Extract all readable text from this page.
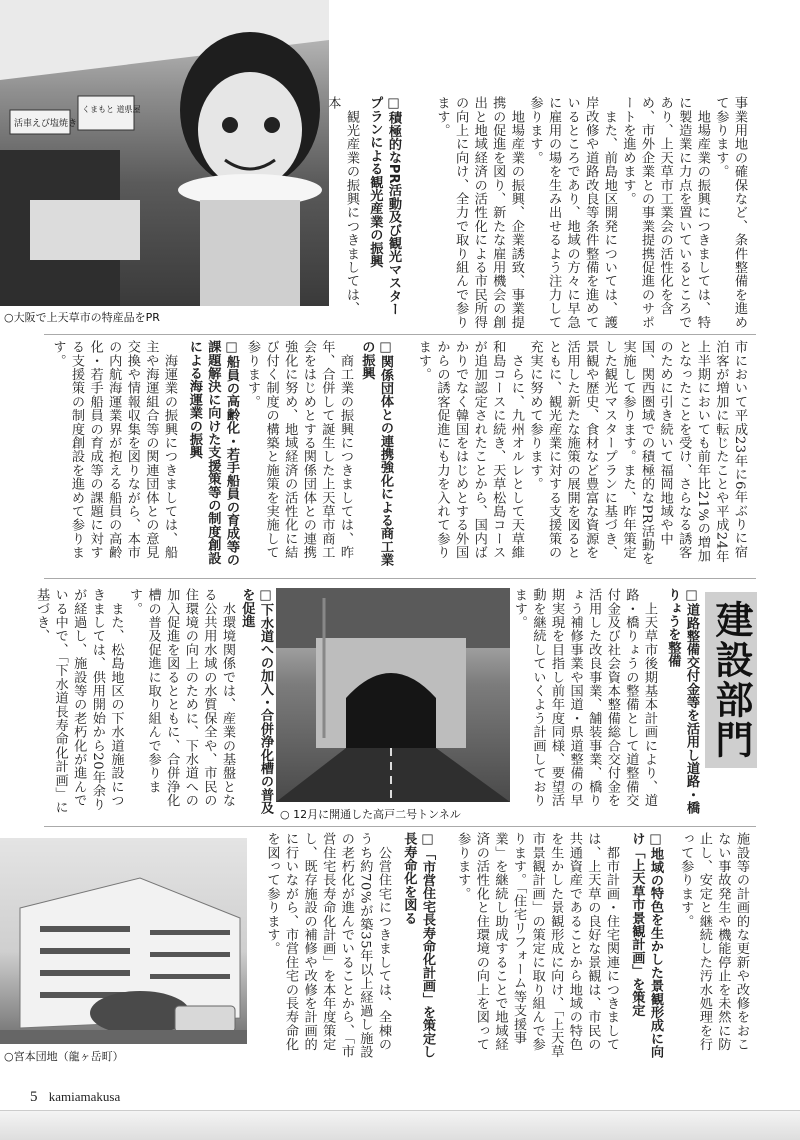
活車えび塩焼き
くまもと 道県屋
○大阪で上天草市の特産品をPR	事業用地の確保など、条件整備を進めて参ります。
　地場産業の振興につきましては、特に製造業に力点を置いているところであり、上天草市工業会の活性化を含め、市外企業との事業提携促進のサポートを進めます。
　また、前島地区開発については、護岸改修や道路改良等条件整備を進めているところであり、地域の方々に早急に雇用の場を生み出せるよう注力して参ります。
　地場産業の振興、企業誘致、事業提携の促進を図り、新たな雇用機会の創出と地域経済の活性化による市民所得の向上に向け、全力で取り組んで参ります。
□積極的なPR活動及び観光マスタープランによる観光産業の振興
　観光産業の振興につきましては、本
市において平成23年に6年ぶりに宿泊客が増加に転じたことや平成24年上半期においても前年比21%の増加となったことを受け、さらなる誘客のために引き続いて福岡地域や中国、関西圏域での積極的なPR活動を実施して参ります。また、昨年策定した観光マスタープランに基づき、景観や歴史、食材など豊富な資源を活用した新たな施策の展開を図るとともに、観光産業に対する支援策の充実に努めて参ります。
　さらに、九州オルレとして天草維和島コースに続き、天草松島コースが追加認定されたことから、国内ばかりでなく韓国をはじめとする外国からの誘客促進にも力を入れて参ります。
□関係団体との連携強化による商工業の振興
　商工業の振興につきましては、昨年、合併して誕生した上天草市商工会をはじめとする関係団体との連携強化に努め、地域経済の活性化に結び付く制度の構築と施策を実施して参ります。
□船員の高齢化・若手船員の育成等の課題解決に向けた支援策等の制度創設による海運業の振興
　海運業の振興につきましては、船主や海運組合等の関連団体との意見交換や情報収集を図りながら、本市の内航海運業界が抱える船員の高齢化・若手船員の育成等の課題に対する支援策の制度創設を進めて参ります。
建設部門
□道路整備交付金等を活用し道路・橋りょうを整備
　上天草市後期基本計画により、道路・橋りょうの整備として道整備交付金及び社会資本整備総合交付金を活用した改良事業、舗装事業、橋りょう補修事業や国道・県道整備の早期実現を目指し前年度同様、要望活動を継続していくよう計画しております。
○ 12月に開通した高戸二号トンネル
□下水道への加入・合併浄化槽の普及を促進
　水環境関係では、産業の基盤となる公共用水域の水質保全や、市民の住環境の向上のために、下水道への加入促進を図るとともに、合併浄化槽の普及促進に取り組んで参ります。
　また、松島地区の下水道施設につきましては、供用開始から20年余りが経過し、施設等の老朽化が進んでいる中で、「下水道長寿命化計画」に基づき、
施設等の計画的な更新や改修をおこない事故発生や機能停止を未然に防止し、安定と継続した汚水処理を行って参ります。
□地域の特色を生かした景観形成に向け「上天草市景観計画」を策定
　都市計画・住宅関連につきましては、上天草の良好な景観は、市民の共通資産であることから地域の特色を生かした景観形成に向け、「上天草市景観計画」の策定に取り組んで参ります。「住宅リフォーム等支援事業」を継続し助成することで地域経済の活性化と住環境の向上を図って参ります。
□「市営住宅長寿命化計画」を策定し長寿命化を図る
　公営住宅につきましては、全棟のうち約70%が築35年以上経過し施設の老朽化が進んでいることから、「市営住宅長寿命化計画」を本年度策定し、既存施設の補修や改修を計画的に行いながら、市営住宅の長寿命化を図って参ります。
○宮本団地（龍ヶ岳町）
5 kamiamakusa
